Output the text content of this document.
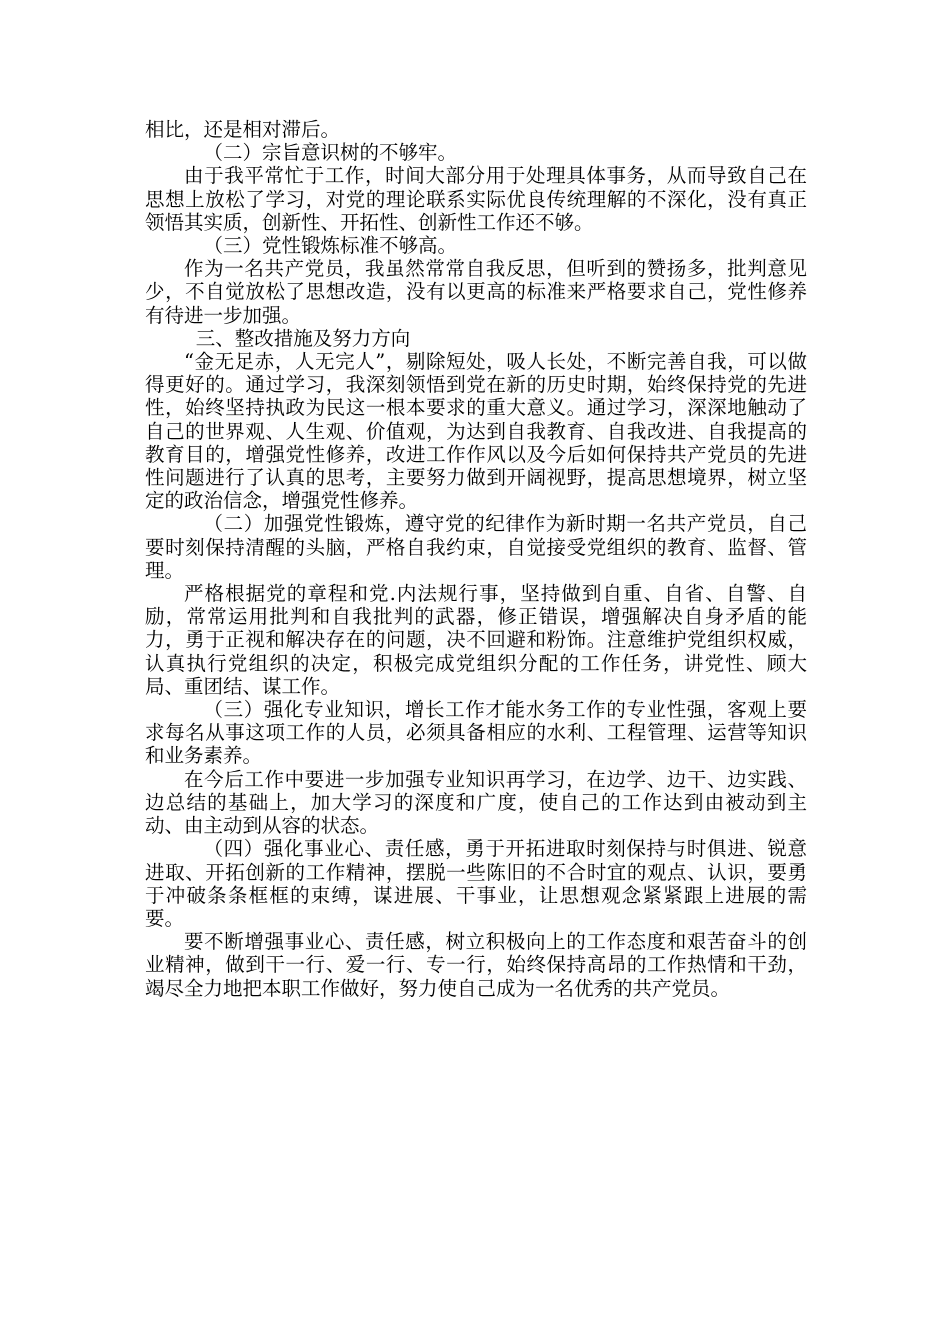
相比，还是相对滞后。

（二）宗旨意识树的不够牢。

由于我平常忙于工作，时间大部分用于处理具体事务，从而导致自己在思想上放松了学习，对党的理论联系实际优良传统理解的不深化，没有真正领悟其实质，创新性、开拓性、创新性工作还不够。

（三）党性锻炼标准不够高。

作为一名共产党员，我虽然常常自我反思，但听到的赞扬多，批判意见少，不自觉放松了思想改造，没有以更高的标准来严格要求自己，党性修养有待进一步加强。

三、整改措施及努力方向

“金无足赤，人无完人”，剔除短处，吸人长处，不断完善自我，可以做得更好的。通过学习，我深刻领悟到党在新的历史时期，始终保持党的先进性，始终坚持执政为民这一根本要求的重大意义。通过学习，深深地触动了自己的世界观、人生观、价值观，为达到自我教育、自我改进、自我提高的教育目的，增强党性修养，改进工作作风以及今后如何保持共产党员的先进性问题进行了认真的思考，主要努力做到开阔视野，提高思想境界，树立坚定的政治信念，增强党性修养。

（二）加强党性锻炼，遵守党的纪律作为新时期一名共产党员，自己要时刻保持清醒的头脑，严格自我约束，自觉接受党组织的教育、监督、管理。

严格根据党的章程和党.内法规行事，坚持做到自重、自省、自警、自励，常常运用批判和自我批判的武器，修正错误，增强解决自身矛盾的能力，勇于正视和解决存在的问题，决不回避和粉饰。注意维护党组织权威，认真执行党组织的决定，积极完成党组织分配的工作任务，讲党性、顾大局、重团结、谋工作。

（三）强化专业知识，增长工作才能水务工作的专业性强，客观上要求每名从事这项工作的人员，必须具备相应的水利、工程管理、运营等知识和业务素养。

在今后工作中要进一步加强专业知识再学习，在边学、边干、边实践、边总结的基础上，加大学习的深度和广度，使自己的工作达到由被动到主动、由主动到从容的状态。

（四）强化事业心、责任感，勇于开拓进取时刻保持与时俱进、锐意进取、开拓创新的工作精神，摆脱一些陈旧的不合时宜的观点、认识，要勇于冲破条条框框的束缚，谋进展、干事业，让思想观念紧紧跟上进展的需要。

要不断增强事业心、责任感，树立积极向上的工作态度和艰苦奋斗的创业精神，做到干一行、爱一行、专一行，始终保持高昂的工作热情和干劲，竭尽全力地把本职工作做好，努力使自己成为一名优秀的共产党员。
